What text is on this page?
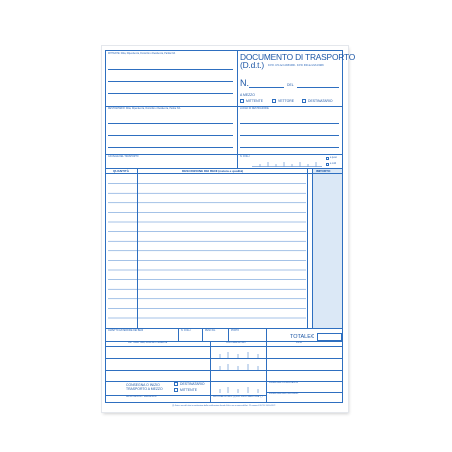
MITTENTE: Ditta, Dipendenza, Domicilio o Residenza, Partita IVA	DOCUMENTO DI TRASPORTO
(D.d.t.) D.P.R. 472 del 14/08/1996 - D.P.R. 696 del 21/12/1996
N.	DEL
A MEZZO
MITTENTE	VETTORE	DESTINATARIO
DESTINATARIO: Ditta, Dipendenza, Domicilio o Residenza, Partita IVA	LUOGO DI DESTINAZIONE
CAUSALE DEL TRASPORTO	N. COLLI	a peso
a colli
QUANTITÀ	DESCRIZIONE DEI BENI (natura e qualità)	IMPORTO
ASPETTO ESTERIORE DEI BENI	N. COLLI	PESO KG	PORTO
TOTALE €
VETTORE: ditta, domicilio o residenza	Ora e data del ritiro	Firme
CONSEGNA O INIZIO TRASPORTO A MEZZO
DESTINATARIO
MITTENTE
FIRMA DEL CONDUCENTE
FIRMA DEL DESTINATARIO
ANNOTAZIONI - VARIAZIONI	DATA DEL RITIRO (1) A.R. PROVVEDITORE (*)
(1) Data e ora del ritiro in sostituzione della certificazione fiscale. Ed in uso a norma dell'art. 21 comma 4 D.P.R. 26-10-1972
